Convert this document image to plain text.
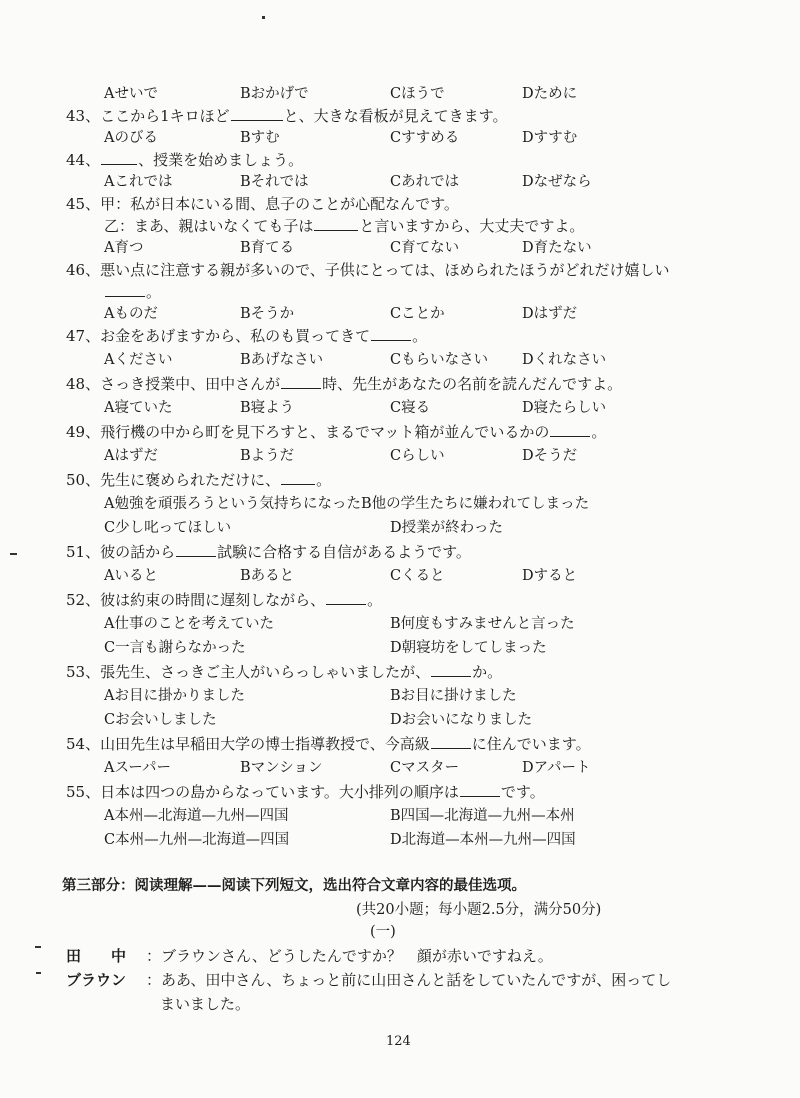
Aせいで	Bおかげで	Cほうで	Dために
43、ここから1キロほど	と、大きな看板が見えてきます。
Aのびる	Bすむ	Cすすめる	Dすすむ
44、	、授業を始めましょう。
Aこれでは	Bそれでは	Cあれでは	Dなぜなら
45、甲：私が日本にいる間、息子のことが心配なんです。
乙：まあ、親はいなくても子は	と言いますから、大丈夫ですよ。
A育つ	B育てる	C育てない	D育たない
46、悪い点に注意する親が多いので、子供にとっては、ほめられたほうがどれだけ嬉しい
。
Aものだ	Bそうか	Cことか	Dはずだ
47、お金をあげますから、私のも買ってきて	。
Aください	Bあげなさい	Cもらいなさい Dくれなさい
48、さっき授業中、田中さんが	時、先生があなたの名前を読んだんですよ。
A寝ていた	B寝よう	C寝る	D寝たらしい
49、飛行機の中から町を見下ろすと、まるでマット箱が並んでいるかの	。
Aはずだ	Bようだ	Cらしい	Dそうだ
50、先生に褒められただけに、 。
A勉強を頑張ろうという気持ちになったB他の学生たちに嫌われてしまった
C少し叱ってほしい	D授業が終わった
51、彼の話から	試験に合格する自信があるようです。
Aいると	Bあると	Cくると	Dすると
52、彼は約束の時間に遅刻しながら、	。
A仕事のことを考えていた	B何度もすみませんと言った
C一言も謝らなかった	D朝寝坊をしてしまった
53、張先生、さっきご主人がいらっしゃいましたが、	か。
Aお目に掛かりました	Bお目に掛けました
Cお会いしました	Dお会いになりました
54、山田先生は早稲田大学の博士指導教授で、今高級	に住んでいます。
Aスーパー	Bマンション	Cマスター	Dアパート
55、日本は四つの島からなっています。大小排列の順序は	です。
A本州—北海道—九州—四国	B四国—北海道—九州—本州
C本州—九州—北海道—四国	D北海道—本州—九州—四国
第三部分：阅读理解——阅读下列短文，选出符合文章内容的最佳选项。
(共20小题；每小题2.5分，满分50分)
(一)
田　　中 ：ブラウンさん、どうしたんですか？　顔が赤いですねえ。
ブラウン ：ああ、田中さん、ちょっと前に山田さんと話をしていたんですが、困ってし
まいました。
124
